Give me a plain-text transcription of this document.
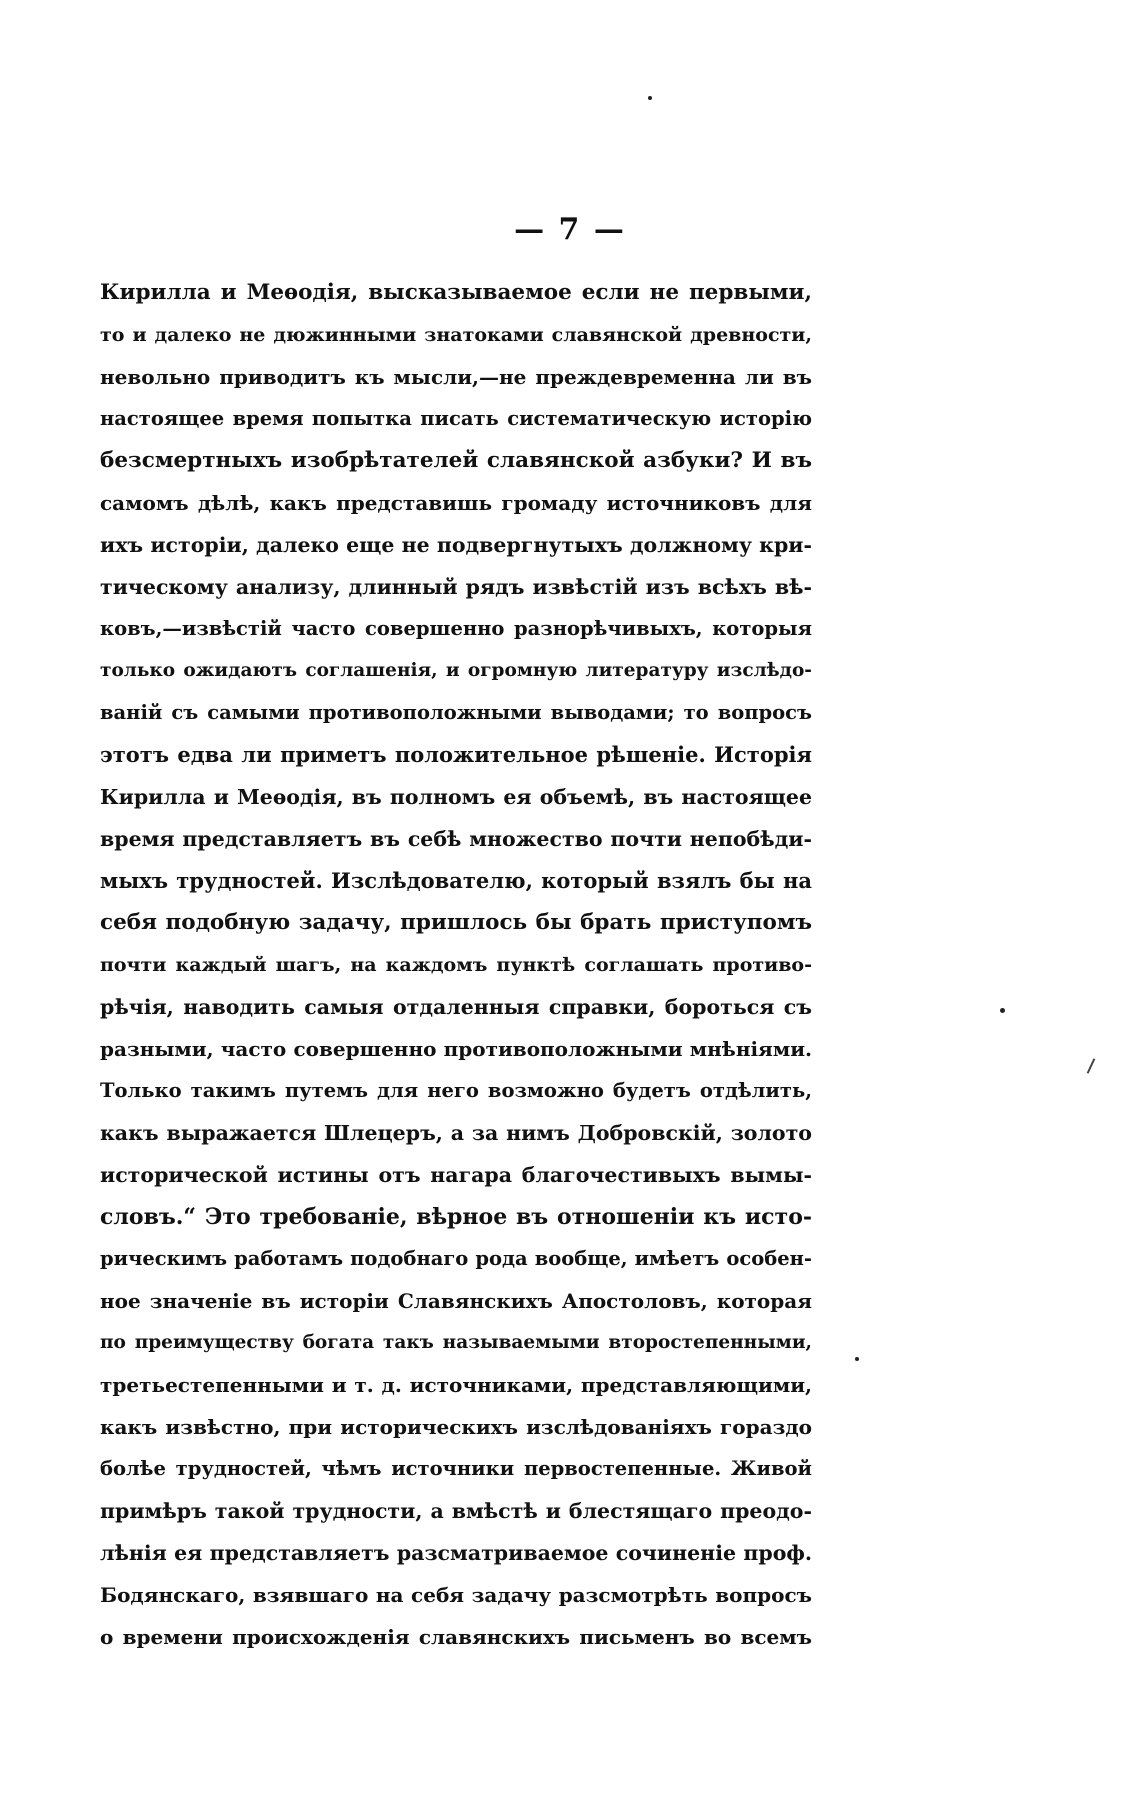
— 7 —
Кирилла и Меѳодія, высказываемое если не первыми,
то и далеко не дюжинными знатоками славянской древности,
невольно приводитъ къ мысли,—не преждевременна ли въ
настоящее время попытка писать систематическую исторію
безсмертныхъ изобрѣтателей славянской азбуки? И въ
самомъ дѣлѣ, какъ представишь громаду источниковъ для
ихъ исторіи, далеко еще не подвергнутыхъ должному кри-
тическому анализу, длинный рядъ извѣстій изъ всѣхъ вѣ-
ковъ,—извѣстій часто совершенно разнорѣчивыхъ, которыя
только ожидаютъ соглашенія, и огромную литературу изслѣдо-
ваній съ самыми противоположными выводами; то вопросъ
этотъ едва ли приметъ положительное рѣшеніе. Исторія
Кирилла и Меѳодія, въ полномъ ея объемѣ, въ настоящее
время представляетъ въ себѣ множество почти непобѣди-
мыхъ трудностей. Изслѣдователю, который взялъ бы на
себя подобную задачу, пришлось бы брать приступомъ
почти каждый шагъ, на каждомъ пунктѣ соглашать противо-
рѣчія, наводить самыя отдаленныя справки, бороться съ
разными, часто совершенно противоположными мнѣніями.
Только такимъ путемъ для него возможно будетъ отдѣлить,
какъ выражается Шлецеръ, а за нимъ Добровскій, золото
исторической истины отъ нагара благочестивыхъ вымы-
словъ.“ Это требованіе, вѣрное въ отношеніи къ исто-
рическимъ работамъ подобнаго рода вообще, имѣетъ особен-
ное значеніе въ исторіи Славянскихъ Апостоловъ, которая
по преимуществу богата такъ называемыми второстепенными,
третьестепенными и т. д. источниками, представляющими,
какъ извѣстно, при историческихъ изслѣдованіяхъ гораздо
болѣе трудностей, чѣмъ источники первостепенные. Живой
примѣръ такой трудности, а вмѣстѣ и блестящаго преодо-
лѣнія ея представляетъ разсматриваемое сочиненіе проф.
Бодянскаго, взявшаго на себя задачу разсмотрѣть вопросъ
о времени происхожденія славянскихъ письменъ во всемъ
